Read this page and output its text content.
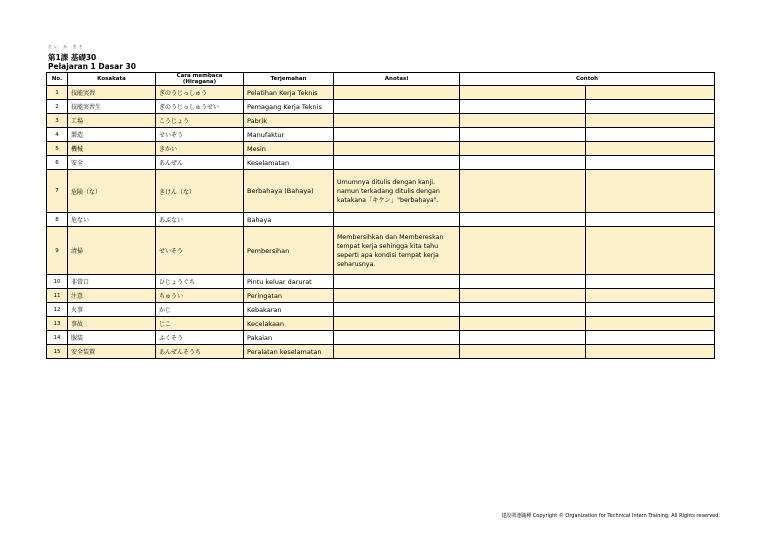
だい か きそ
第1課 基礎30
Pelajaran 1 Dasar 30
No.	Kosakata	Cara membaca (Hiragana)	Terjemahan	Anotasi	Contoh	
1	技能実習	ぎのうじっしゅう	Pelatihan Kerja Teknis			
2	技能実習生	ぎのうじっしゅうせい	Pemagang Kerja Teknis			
3	工場	こうじょう	Pabrik			
4	製造	せいぞう	Manufaktur			
5	機械	きかい	Mesin			
6	安全	あんぜん	Keselamatan			
7	危険（な）	きけん（な）	Berbahaya (Bahaya)	Umumnya ditulis dengan kanji, namun terkadang ditulis dengan katakana「キケン」"berbahaya".		
8	危ない	あぶない	Bahaya			
9	清掃	せいそう	Pembersihan	Membersihkan dan Membereskan tempat kerja sehingga kita tahu seperti apa kondisi tempat kerja seharusnya.		
10	非常口	ひじょうぐち	Pintu keluar darurat			
11	注意	ちゅうい	Peringatan			
12	火事	かじ	Kebakaran			
13	事故	じこ	Kecelakaan			
14	服装	ふくそう	Pakaian			
15	安全装置	あんぜんそうち	Peralatan keselamatan			
建設関連職種 Copyright © Organization for Technical Intern Training, All Rights reserved.
